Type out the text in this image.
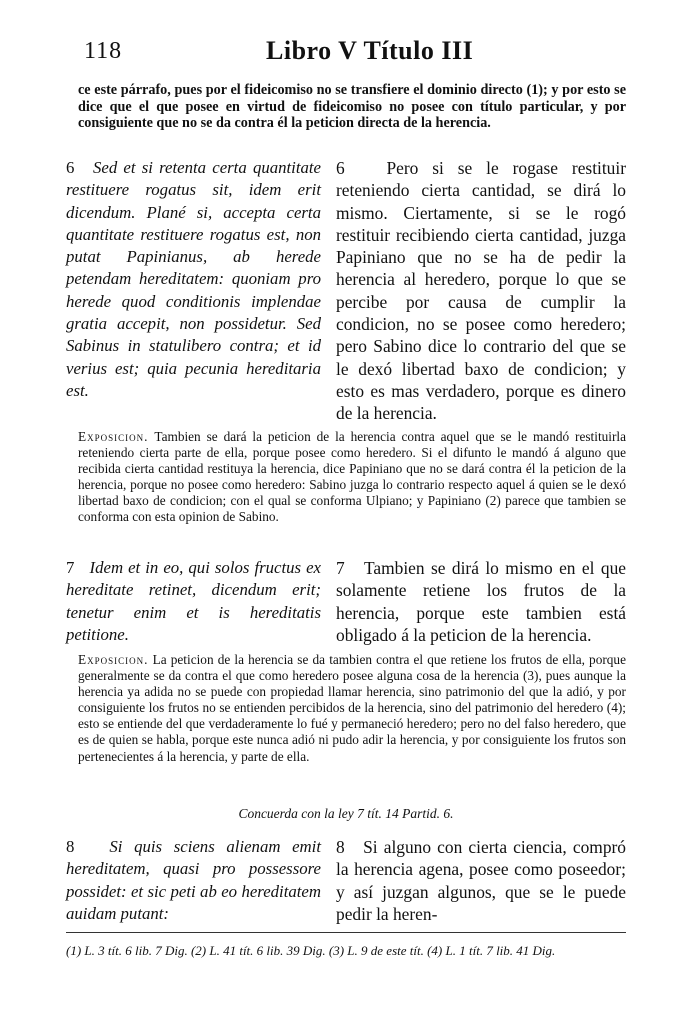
118	Libro V Título III
ce este párrafo, pues por el fideicomiso no se transfiere el dominio directo (1); y por esto se dice que el que posee en virtud de fideicomiso no posee con título particular, y por consiguiente que no se da contra él la peticion directa de la herencia.
6 Sed et si retenta certa quantitate restituere rogatus sit, idem erit dicendum. Plané si, accepta certa quantitate restituere rogatus est, non putat Papinianus, ab herede petendam hereditatem: quoniam pro herede quod conditionis implendae gratia accepit, non possidetur. Sed Sabinus in statulibero contra; et id verius est; quia pecunia hereditaria est.
6 Pero si se le rogase restituir reteniendo cierta cantidad, se dirá lo mismo. Ciertamente, si se le rogó restituir recibiendo cierta cantidad, juzga Papiniano que no se ha de pedir la herencia al heredero, porque lo que se percibe por causa de cumplir la condicion, no se posee como heredero; pero Sabino dice lo contrario del que se le dexó libertad baxo de condicion; y esto es mas verdadero, porque es dinero de la herencia.
Exposicion. Tambien se dará la peticion de la herencia contra aquel que se le mandó restituirla reteniendo cierta parte de ella, porque posee como heredero. Si el difunto le mandó á alguno que recibida cierta cantidad restituya la herencia, dice Papiniano que no se dará contra él la peticion de la herencia, porque no posee como heredero: Sabino juzga lo contrario respecto aquel á quien se le dexó libertad baxo de condicion; con el qual se conforma Ulpiano; y Papiniano (2) parece que tambien se conforma con esta opinion de Sabino.
7 Idem et in eo, qui solos fructus ex hereditate retinet, dicendum erit; tenetur enim et is hereditatis petitione.
7 Tambien se dirá lo mismo en el que solamente retiene los frutos de la herencia, porque este tambien está obligado á la peticion de la herencia.
Exposicion. La peticion de la herencia se da tambien contra el que retiene los frutos de ella, porque generalmente se da contra el que como heredero posee alguna cosa de la herencia (3), pues aunque la herencia ya adida no se puede con propiedad llamar herencia, sino patrimonio del que la adió, y por consiguiente los frutos no se entienden percibidos de la herencia, sino del patrimonio del heredero (4); esto se entiende del que verdaderamente lo fué y permaneció heredero; pero no del falso heredero, que es de quien se habla, porque este nunca adió ni pudo adir la herencia, y por consiguiente los frutos son pertenecientes á la herencia, y parte de ella.
Concuerda con la ley 7 tít. 14 Partid. 6.
8 Si quis sciens alienam emit hereditatem, quasi pro possessore possidet: et sic peti ab eo hereditatem auidam putant:
8 Si alguno con cierta ciencia, compró la herencia agena, posee como poseedor; y así juzgan algunos, que se le puede pedir la heren-
(1) L. 3 tít. 6 lib. 7 Dig. (2) L. 41 tít. 6 lib. 39 Dig. (3) L. 9 de este tít. (4) L. 1 tít. 7 lib. 41 Dig.
